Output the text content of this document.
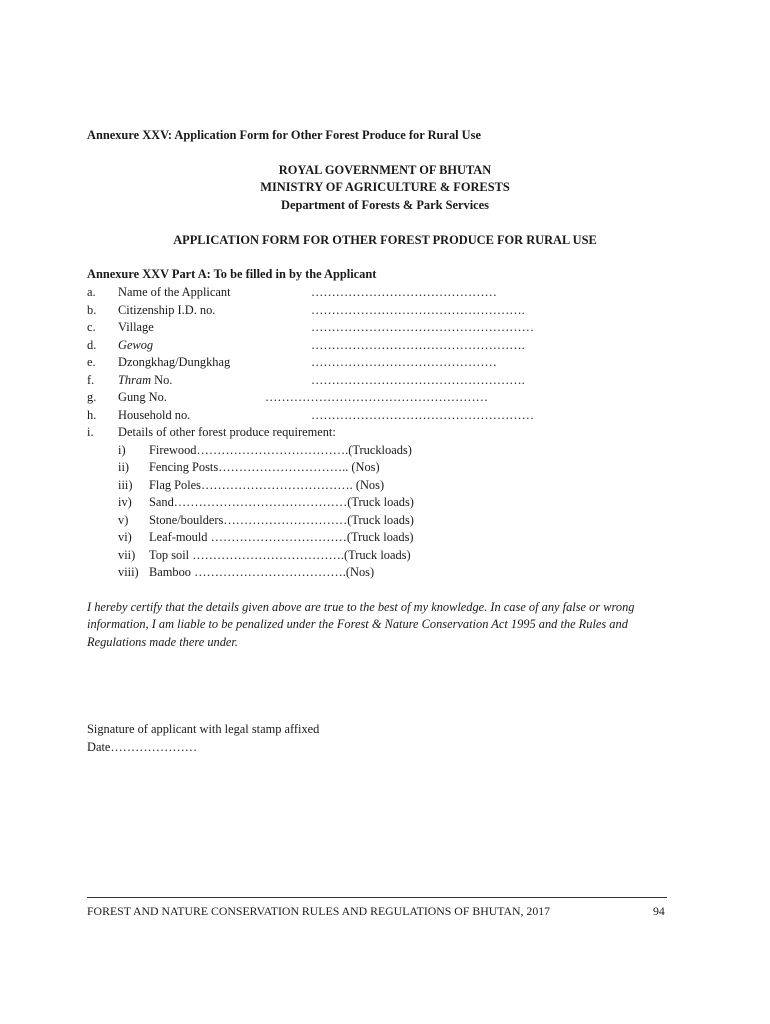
Annexure XXV: Application Form for Other Forest Produce for Rural Use
ROYAL GOVERNMENT OF BHUTAN
MINISTRY OF AGRICULTURE & FORESTS
Department of Forests & Park Services
APPLICATION FORM FOR OTHER FOREST PRODUCE FOR RURAL USE
Annexure XXV Part A: To be filled in by the Applicant
a. Name of the Applicant	………………………………………
b. Citizenship I.D. no.	…………………………………………….
c. Village	………………………………………………
d. Gewog	…………………………………………….
e. Dzongkhag/Dungkhag	………………………………………
f. Thram No.	…………………………………………….
g. Gung No.	………………………………………………
h. Household no.	………………………………………………
i. Details of other forest produce requirement:
i) Firewood……………………………….(Truckloads)
ii) Fencing Posts………………………….. (Nos)
iii) Flag Poles………………………………. (Nos)
iv) Sand……………………………………(Truck loads)
v) Stone/boulders…………………………(Truck loads)
vi) Leaf-mould ……………………………(Truck loads)
vii) Top soil ……………………………….(Truck loads)
viii) Bamboo ……………………………….(Nos)
I hereby certify that the details given above are true to the best of my knowledge. In case of any false or wrong information, I am liable to be penalized under the Forest & Nature Conservation Act 1995 and the Rules and Regulations made there under.
Signature of applicant with legal stamp affixed
Date…………………
FOREST AND NATURE CONSERVATION RULES AND REGULATIONS OF BHUTAN, 2017	94
